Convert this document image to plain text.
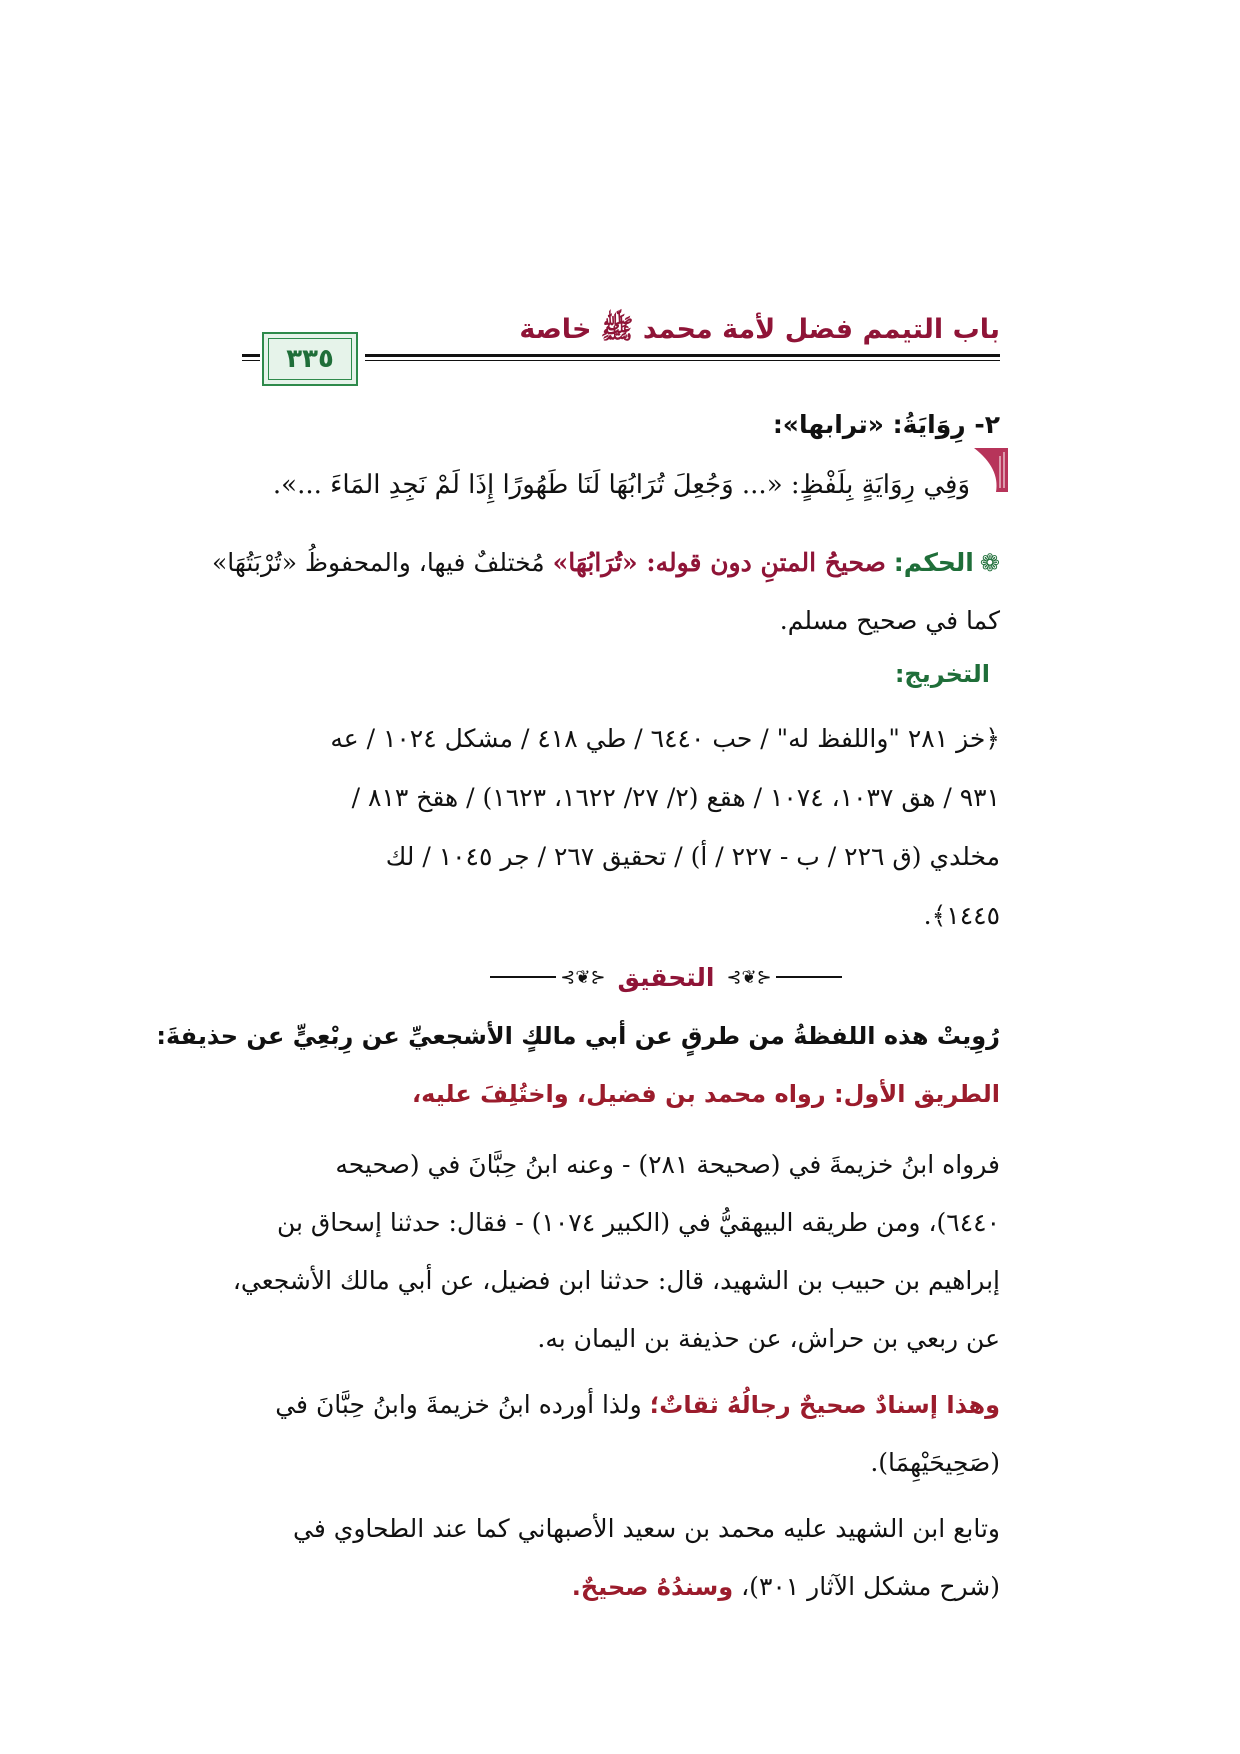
باب التيمم فضل لأمة محمد ﷺ خاصة
٣٣٥
٢- رِوَايَةُ: «ترابها»:
وَفِي رِوَايَةٍ بِلَفْظٍ: «... وَجُعِلَ تُرَابُهَا لَنَا طَهُورًا إِذَا لَمْ نَجِدِ المَاءَ ...».
❁الحكم: صحيحُ المتنِ دون قوله: «تُرَابُهَا» مُختلفٌ فيها، والمحفوظُ «تُرْبَتُهَا»
كما في صحيح مسلم.
التخريج:
﴿خز ٢٨١ "واللفظ له" / حب ٦٤٤٠ / طي ٤١٨ / مشكل ١٠٢٤ / عه
٩٣١ / هق ١٠٣٧، ١٠٧٤ / هقع (٢/ ٢٧/ ١٦٢٢، ١٦٢٣) / هقخ ٨١٣ /
مخلدي (ق ٢٢٦ / ب - ٢٢٧ / أ) / تحقيق ٢٦٧ / جر ١٠٤٥ / لك
١٤٤٥﴾.
⊰❦⊱
التحقيق
⊰❦⊱
رُوِيتْ هذه اللفظةُ من طرقٍ عن أبي مالكٍ الأشجعيِّ عن رِبْعِيٍّ عن حذيفةَ:
الطريق الأول: رواه محمد بن فضيل، واختُلِفَ عليه،
فرواه ابنُ خزيمةَ في (صحيحة ٢٨١) - وعنه ابنُ حِبَّانَ في (صحيحه
٦٤٤٠)، ومن طريقه البيهقيُّ في (الكبير ١٠٧٤) - فقال: حدثنا إسحاق بن
إبراهيم بن حبيب بن الشهيد، قال: حدثنا ابن فضيل، عن أبي مالك الأشجعي،
عن ربعي بن حراش، عن حذيفة بن اليمان به.
وهذا إسنادٌ صحيحٌ رجالُهُ ثقاتٌ؛ ولذا أورده ابنُ خزيمةَ وابنُ حِبَّانَ في
(صَحِيحَيْهِمَا).
وتابع ابن الشهيد عليه محمد بن سعيد الأصبهاني كما عند الطحاوي في
(شرح مشكل الآثار ٣٠١)، وسندُهُ صحيحٌ.
